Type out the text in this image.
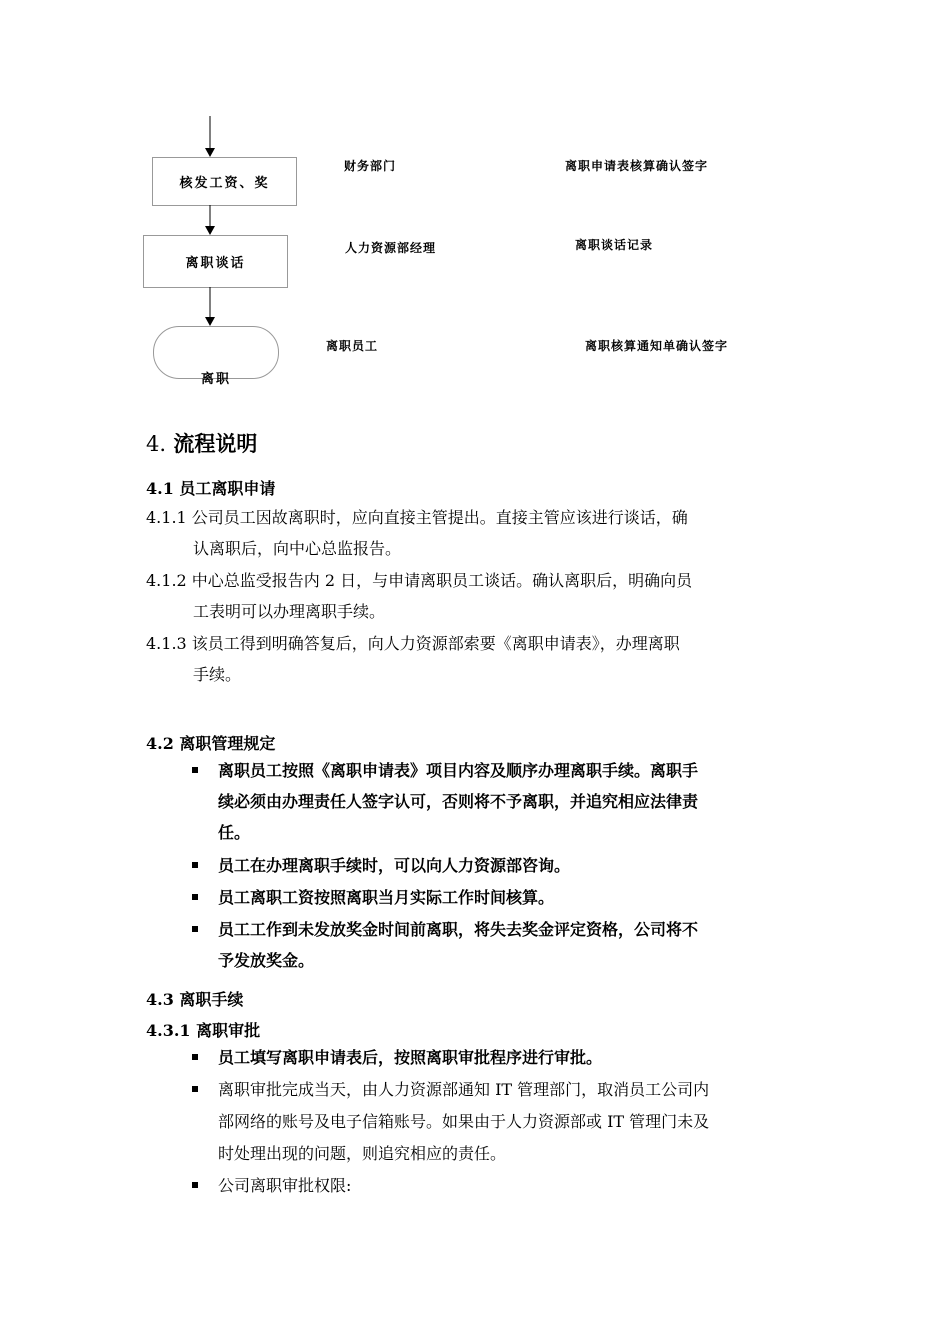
核发工资、奖
离职谈话
离职
财务部门	离职申请表核算确认签字
人力资源部经理	离职谈话记录
离职员工	离职核算通知单确认签字
4. 流程说明
4.1 员工离职申请
4.1.1 公司员工因故离职时，应向直接主管提出。直接主管应该进行谈话，确
认离职后，向中心总监报告。
4.1.2 中心总监受报告内 2 日，与申请离职员工谈话。确认离职后，明确向员
工表明可以办理离职手续。
4.1.3 该员工得到明确答复后，向人力资源部索要《离职申请表》，办理离职
手续。
4.2 离职管理规定
离职员工按照《离职申请表》项目内容及顺序办理离职手续。离职手
续必须由办理责任人签字认可，否则将不予离职，并追究相应法律责
任。
员工在办理离职手续时，可以向人力资源部咨询。
员工离职工资按照离职当月实际工作时间核算。
员工工作到未发放奖金时间前离职，将失去奖金评定资格，公司将不
予发放奖金。
4.3 离职手续
4.3.1 离职审批
员工填写离职申请表后，按照离职审批程序进行审批。
离职审批完成当天，由人力资源部通知 IT 管理部门，取消员工公司内
部网络的账号及电子信箱账号。如果由于人力资源部或 IT 管理门未及
时处理出现的问题，则追究相应的责任。
公司离职审批权限:
